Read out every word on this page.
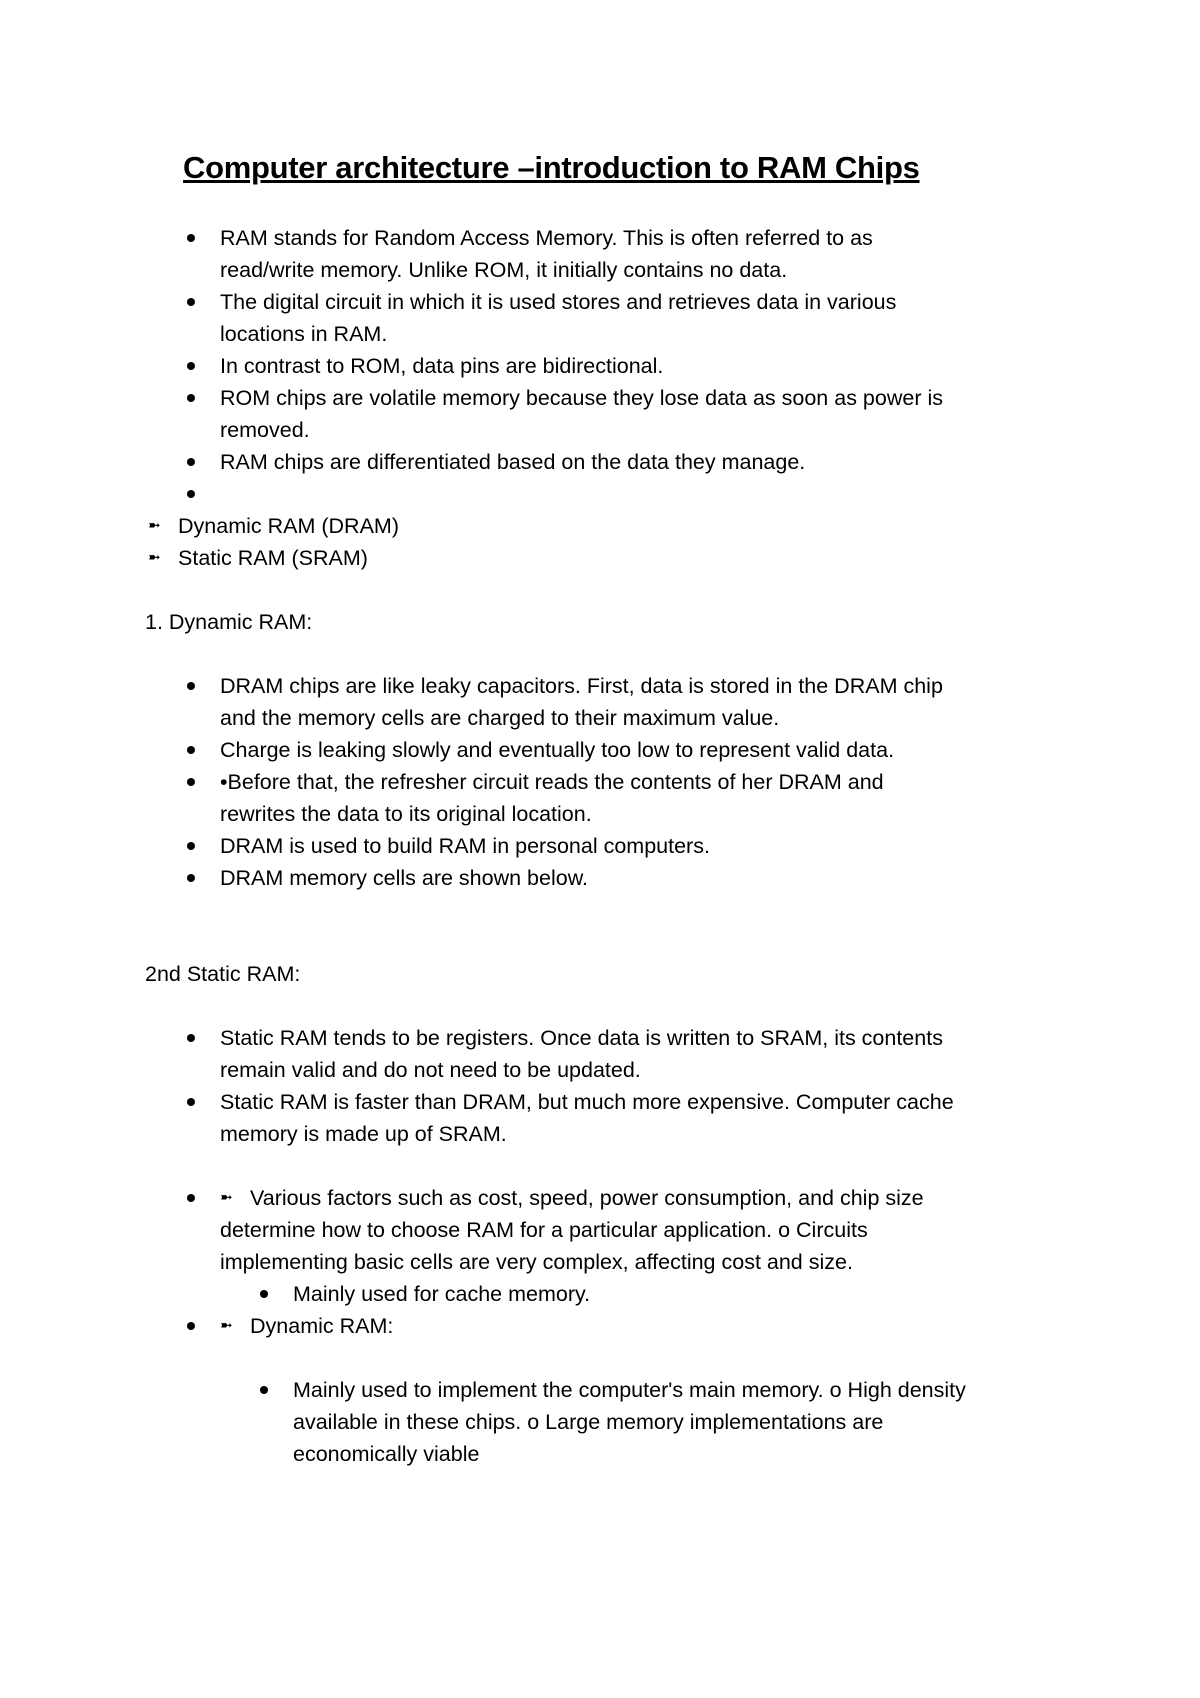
Computer architecture –introduction to RAM Chips
RAM stands for Random Access Memory. This is often referred to as
read/write memory. Unlike ROM, it initially contains no data.
The digital circuit in which it is used stores and retrieves data in various
locations in RAM.
In contrast to ROM, data pins are bidirectional.
ROM chips are volatile memory because they lose data as soon as power is
removed.
RAM chips are differentiated based on the data they manage.
➼ Dynamic RAM (DRAM)
➼ Static RAM (SRAM)
1. Dynamic RAM:
DRAM chips are like leaky capacitors. First, data is stored in the DRAM chip
and the memory cells are charged to their maximum value.
Charge is leaking slowly and eventually too low to represent valid data.
•Before that, the refresher circuit reads the contents of her DRAM and
rewrites the data to its original location.
DRAM is used to build RAM in personal computers.
DRAM memory cells are shown below.
2nd Static RAM:
Static RAM tends to be registers. Once data is written to SRAM, its contents
remain valid and do not need to be updated.
Static RAM is faster than DRAM, but much more expensive. Computer cache
memory is made up of SRAM.
➼ Various factors such as cost, speed, power consumption, and chip size
determine how to choose RAM for a particular application. o Circuits
implementing basic cells are very complex, affecting cost and size.
Mainly used for cache memory.
➼ Dynamic RAM:
Mainly used to implement the computer's main memory. o High density
available in these chips. o Large memory implementations are
economically viable
